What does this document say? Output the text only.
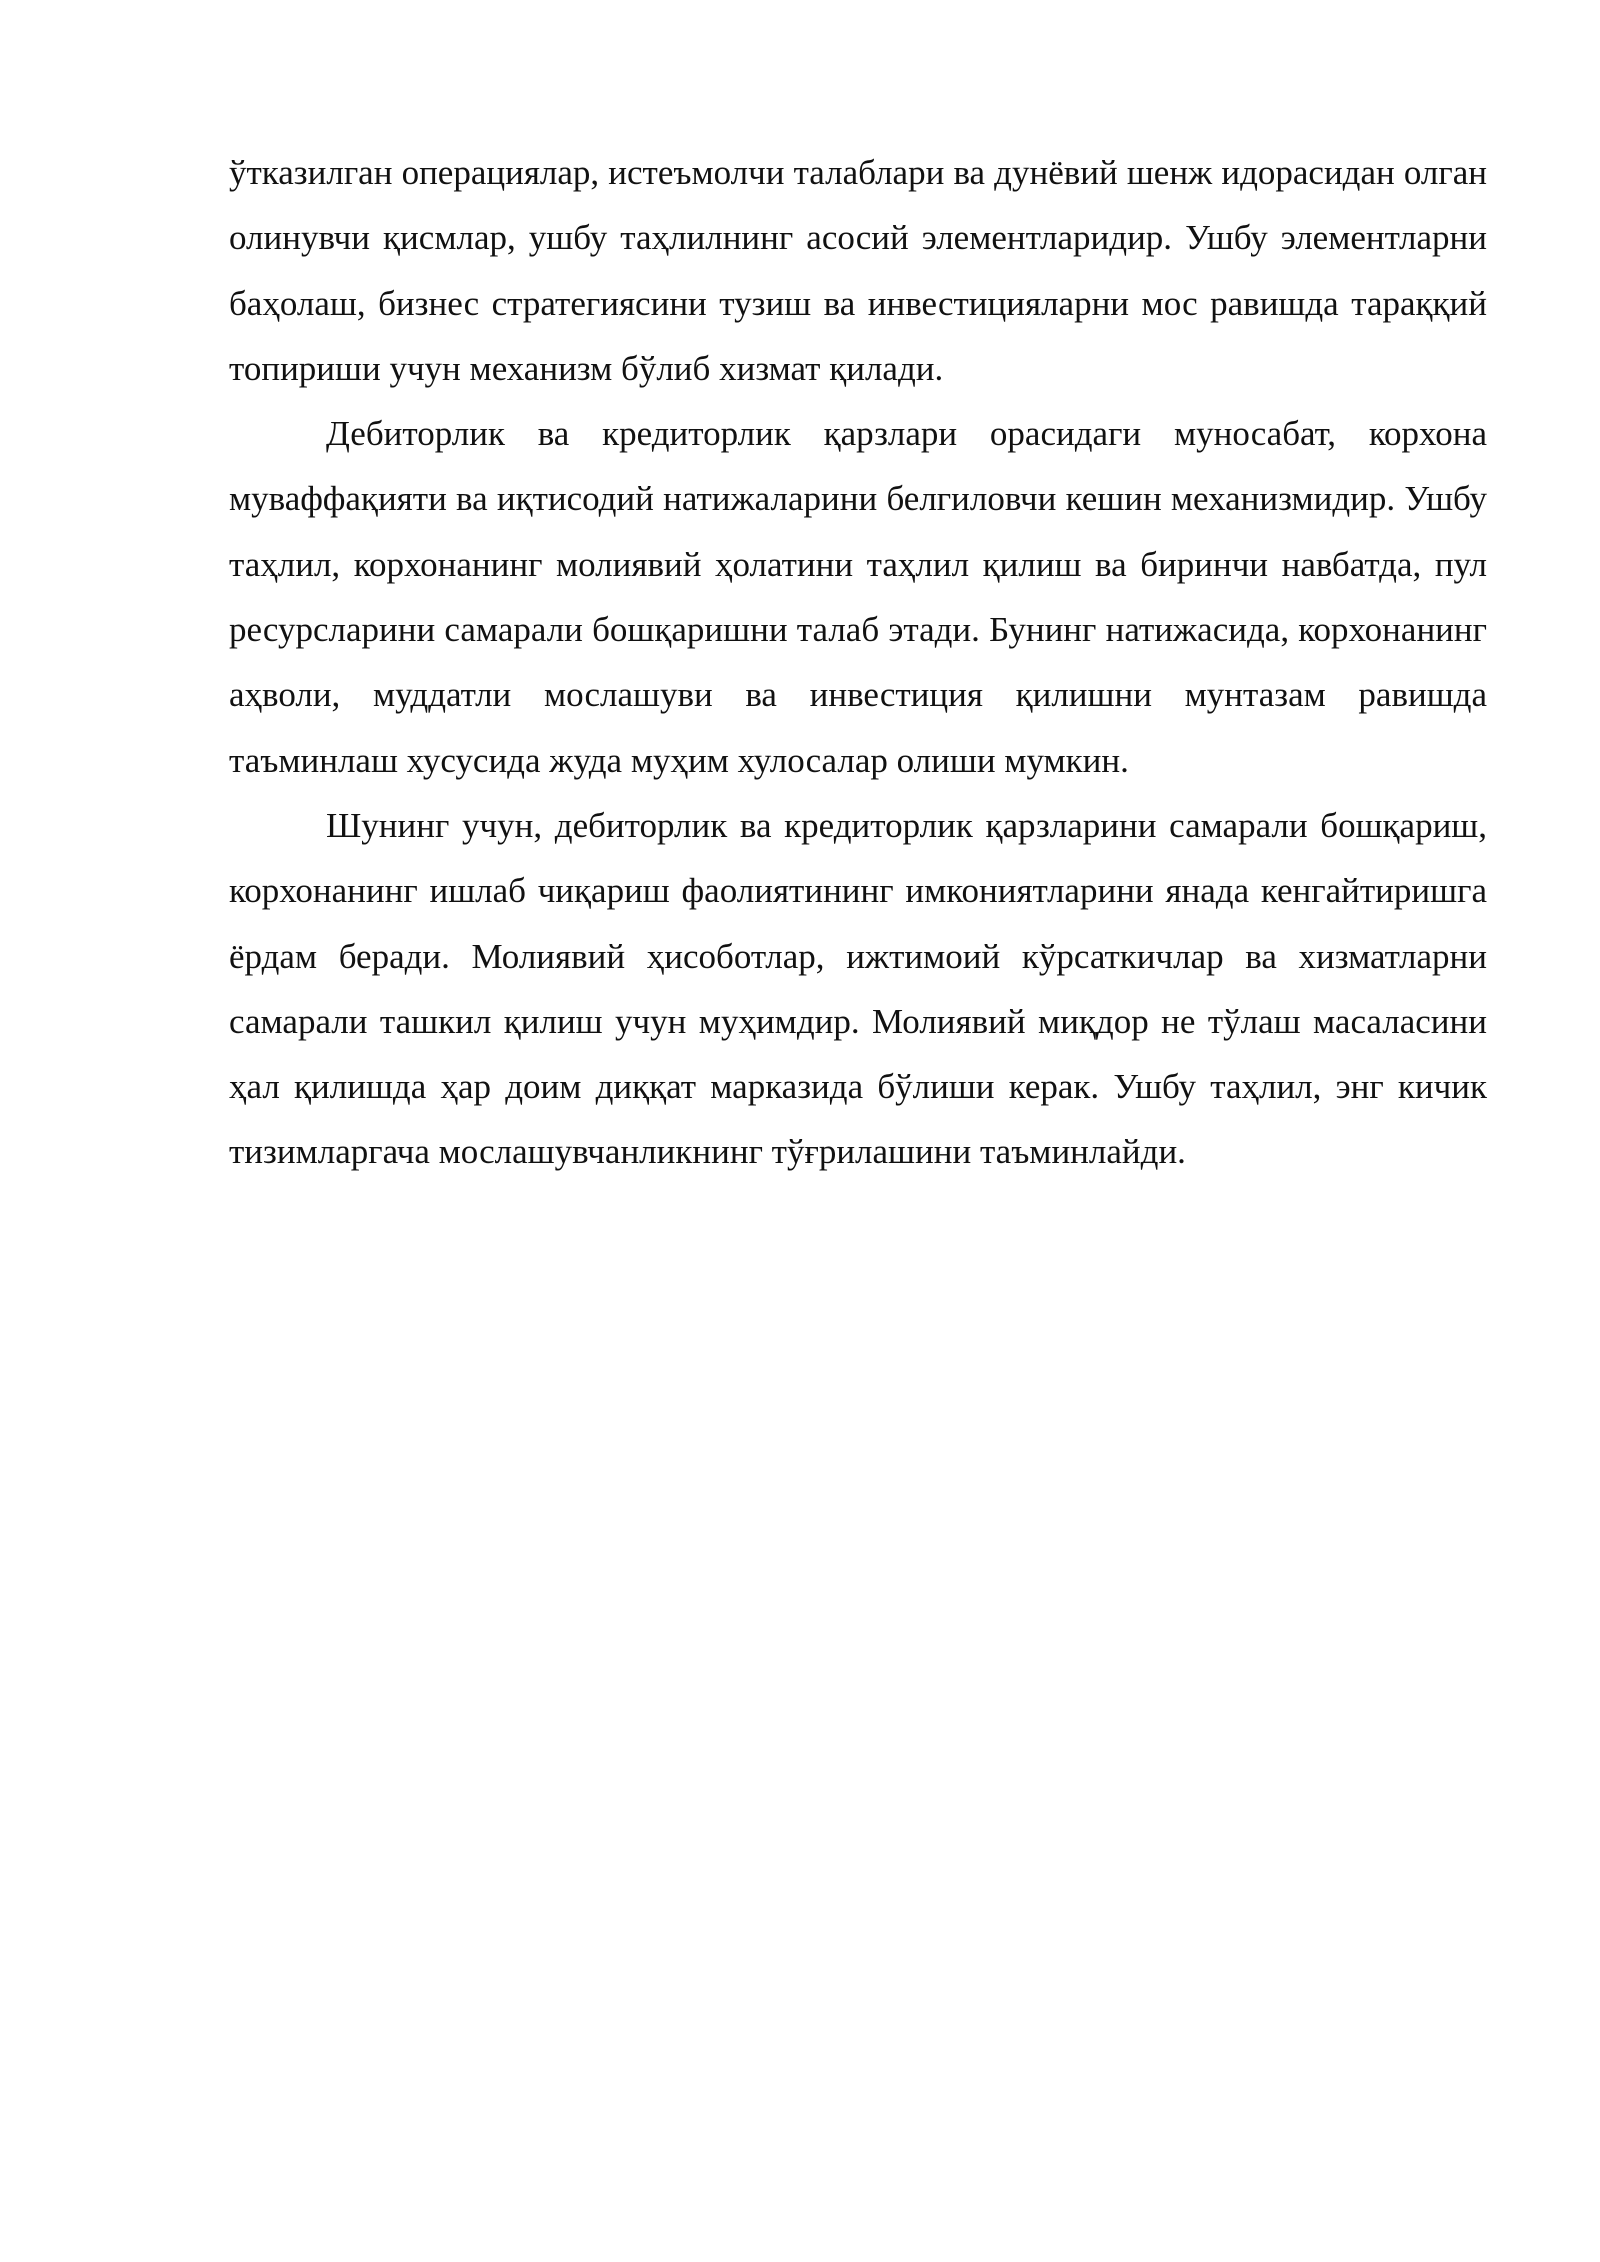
ўтказилган операциялар, истеъмолчи талаблари ва дунёвий шенж идорасидан олган олинувчи қисмлар, ушбу таҳлилнинг асосий элементларидир. Ушбу элементларни баҳолаш, бизнес стратегиясини тузиш ва инвестицияларни мос равишда тараққий топириши учун механизм бўлиб хизмат қилади.

Дебиторлик ва кредиторлик қарзлари орасидаги муносабат, корхона муваффақияти ва иқтисодий натижаларини белгиловчи кешин механизмидир. Ушбу таҳлил, корхонанинг молиявий ҳолатини таҳлил қилиш ва биринчи навбатда, пул ресурсларини самарали бошқаришни талаб этади. Бунинг натижасида, корхонанинг аҳволи, муддатли мослашуви ва инвестиция қилишни мунтазам равишда таъминлаш хусусида жуда муҳим хулосалар олиши мумкин.

Шунинг учун, дебиторлик ва кредиторлик қарзларини самарали бошқариш, корхонанинг ишлаб чиқариш фаолиятининг имкониятларини янада кенгайтиришга ёрдам беради. Молиявий ҳисоботлар, ижтимоий кўрсаткичлар ва хизматларни самарали ташкил қилиш учун муҳимдир. Молиявий миқдор не тўлаш масаласини ҳал қилишда ҳар доим диққат марказида бўлиши керак. Ушбу таҳлил, энг кичик тизимларгача мослашувчанликнинг тўғрилашини таъминлайди.
